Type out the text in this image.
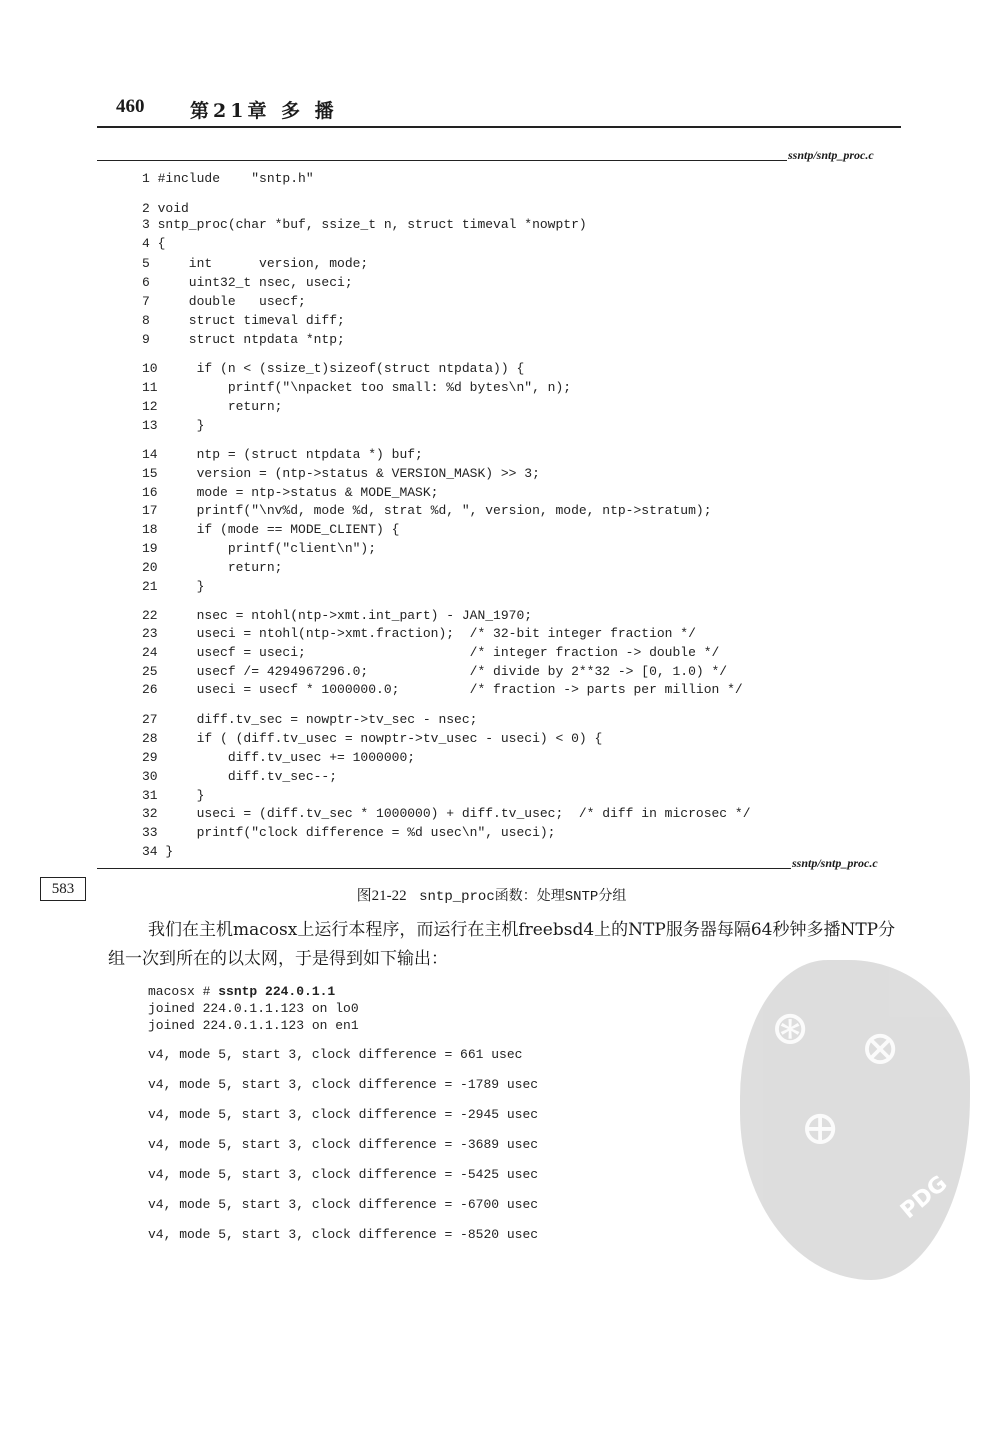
460 第21章 多 播
ssntp/sntp_proc.c
1 #include    "sntp.h"
2 void
3 sntp_proc(char *buf, ssize_t n, struct timeval *nowptr)
4 {
5     int      version, mode;
6     uint32_t nsec, useci;
7     double   usecf;
8     struct timeval diff;
9     struct ntpdata *ntp;
10     if (n < (ssize_t)sizeof(struct ntpdata)) {
11         printf("\npacket too small: %d bytes\n", n);
12         return;
13     }
14     ntp = (struct ntpdata *) buf;
15     version = (ntp->status & VERSION_MASK) >> 3;
16     mode = ntp->status & MODE_MASK;
17     printf("\nv%d, mode %d, strat %d, ", version, mode, ntp->stratum);
18     if (mode == MODE_CLIENT) {
19         printf("client\n");
20         return;
21     }
22     nsec = ntohl(ntp->xmt.int_part) - JAN_1970;
23     useci = ntohl(ntp->xmt.fraction);  /* 32-bit integer fraction */
24     usecf = useci;                     /* integer fraction -> double */
25     usecf /= 4294967296.0;             /* divide by 2**32 -> [0, 1.0) */
26     useci = usecf * 1000000.0;         /* fraction -> parts per million */
27     diff.tv_sec = nowptr->tv_sec - nsec;
28     if ( (diff.tv_usec = nowptr->tv_usec - useci) < 0) {
29         diff.tv_usec += 1000000;
30         diff.tv_sec--;
31     }
32     useci = (diff.tv_sec * 1000000) + diff.tv_usec;  /* diff in microsec */
33     printf("clock difference = %d usec\n", useci);
34 }
ssntp/sntp_proc.c
583	图21-22 sntp_proc函数：处理SNTP分组
我们在主机macosx上运行本程序，而运行在主机freebsd4上的NTP服务器每隔64秒钟多播NTP分组一次到所在的以太网，于是得到如下输出：
⊛ ⊗
⊕
PDG
macosx # ssntp 224.0.1.1
joined 224.0.1.1.123 on lo0
joined 224.0.1.1.123 on en1
v4, mode 5, start 3, clock difference = 661 usec
v4, mode 5, start 3, clock difference = -1789 usec
v4, mode 5, start 3, clock difference = -2945 usec
v4, mode 5, start 3, clock difference = -3689 usec
v4, mode 5, start 3, clock difference = -5425 usec
v4, mode 5, start 3, clock difference = -6700 usec
v4, mode 5, start 3, clock difference = -8520 usec
